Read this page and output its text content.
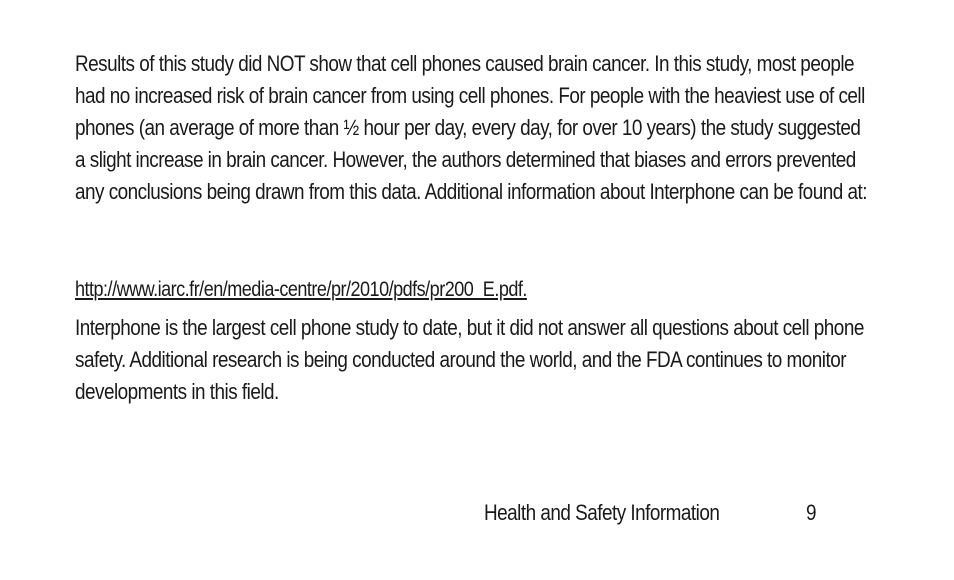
Results of this study did NOT show that cell phones caused brain cancer. In this study, most people had no increased risk of brain cancer from using cell phones. For people with the heaviest use of cell phones (an average of more than ½ hour per day, every day, for over 10 years) the study suggested a slight increase in brain cancer. However, the authors determined that biases and errors prevented any conclusions being drawn from this data. Additional information about Interphone can be found at:

http://www.iarc.fr/en/media-centre/pr/2010/pdfs/pr200_E.pdf.

Interphone is the largest cell phone study to date, but it did not answer all questions about cell phone safety. Additional research is being conducted around the world, and the FDA continues to monitor developments in this field.

Health and Safety Information	9
